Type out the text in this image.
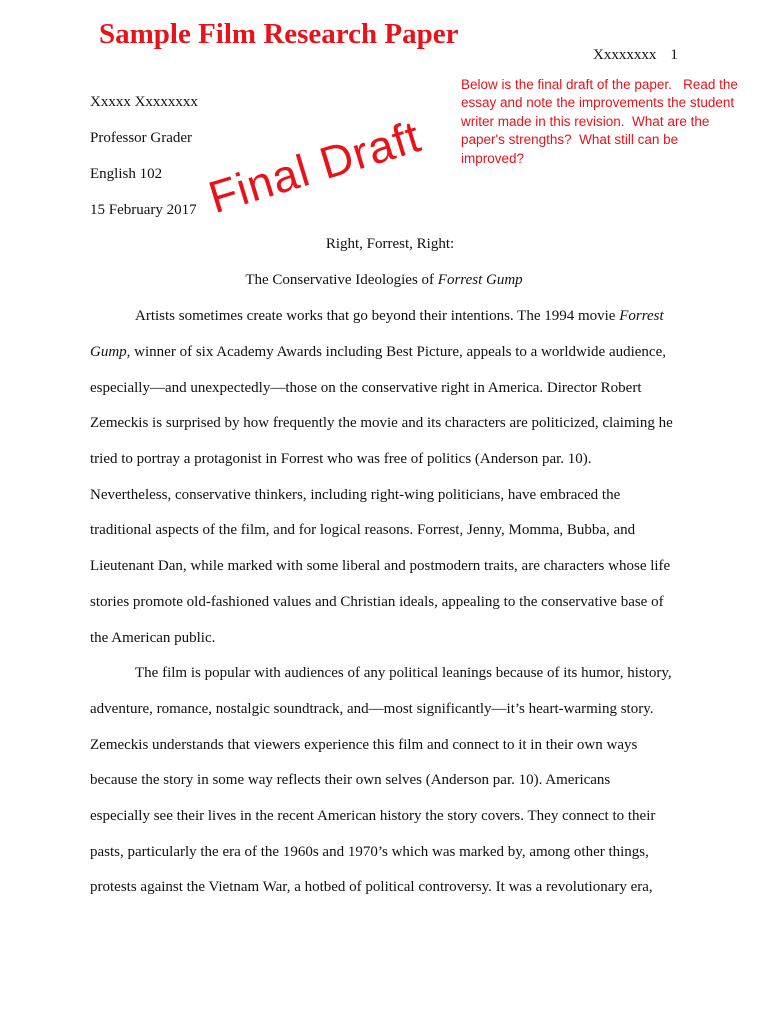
Sample Film Research Paper
Xxxxxxxx 1
Below is the final draft of the paper.   Read the
essay and note the improvements the student
writer made in this revision.  What are the
paper's strengths?  What still can be
improved?
Xxxxx Xxxxxxxx
Professor Grader
English 102
15 February 2017 Final Draft
Right, Forrest, Right:
The Conservative Ideologies of Forrest Gump
Artists sometimes create works that go beyond their intentions. The 1994 movie Forrest
Gump, winner of six Academy Awards including Best Picture, appeals to a worldwide audience,
especially—and unexpectedly—those on the conservative right in America. Director Robert
Zemeckis is surprised by how frequently the movie and its characters are politicized, claiming he
tried to portray a protagonist in Forrest who was free of politics (Anderson par. 10).
Nevertheless, conservative thinkers, including right-wing politicians, have embraced the
traditional aspects of the film, and for logical reasons. Forrest, Jenny, Momma, Bubba, and
Lieutenant Dan, while marked with some liberal and postmodern traits, are characters whose life
stories promote old-fashioned values and Christian ideals, appealing to the conservative base of
the American public.
The film is popular with audiences of any political leanings because of its humor, history,
adventure, romance, nostalgic soundtrack, and—most significantly—it’s heart-warming story.
Zemeckis understands that viewers experience this film and connect to it in their own ways
because the story in some way reflects their own selves (Anderson par. 10). Americans
especially see their lives in the recent American history the story covers. They connect to their
pasts, particularly the era of the 1960s and 1970’s which was marked by, among other things,
protests against the Vietnam War, a hotbed of political controversy. It was a revolutionary era,
